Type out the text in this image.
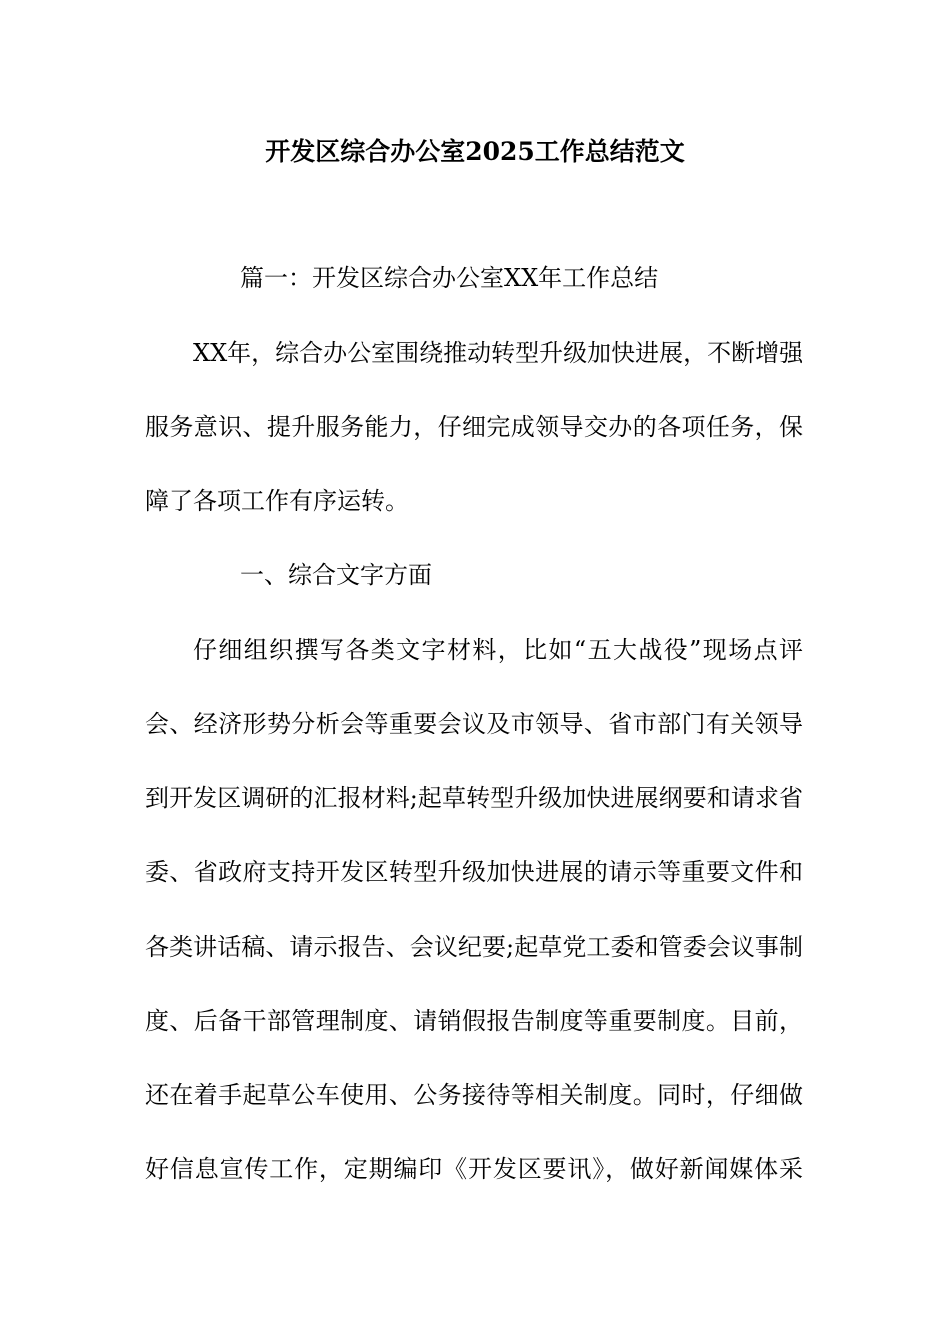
开发区综合办公室2025工作总结范文
篇一：开发区综合办公室XX年工作总结
XX年，综合办公室围绕推动转型升级加快进展，不断增强
服务意识、提升服务能力，仔细完成领导交办的各项任务，保
障了各项工作有序运转。
一、综合文字方面
仔细组织撰写各类文字材料，比如“五大战役”现场点评
会、经济形势分析会等重要会议及市领导、省市部门有关领导
到开发区调研的汇报材料;起草转型升级加快进展纲要和请求省
委、省政府支持开发区转型升级加快进展的请示等重要文件和
各类讲话稿、请示报告、会议纪要;起草党工委和管委会议事制
度、后备干部管理制度、请销假报告制度等重要制度。目前，
还在着手起草公车使用、公务接待等相关制度。同时，仔细做
好信息宣传工作，定期编印《开发区要讯》，做好新闻媒体采
